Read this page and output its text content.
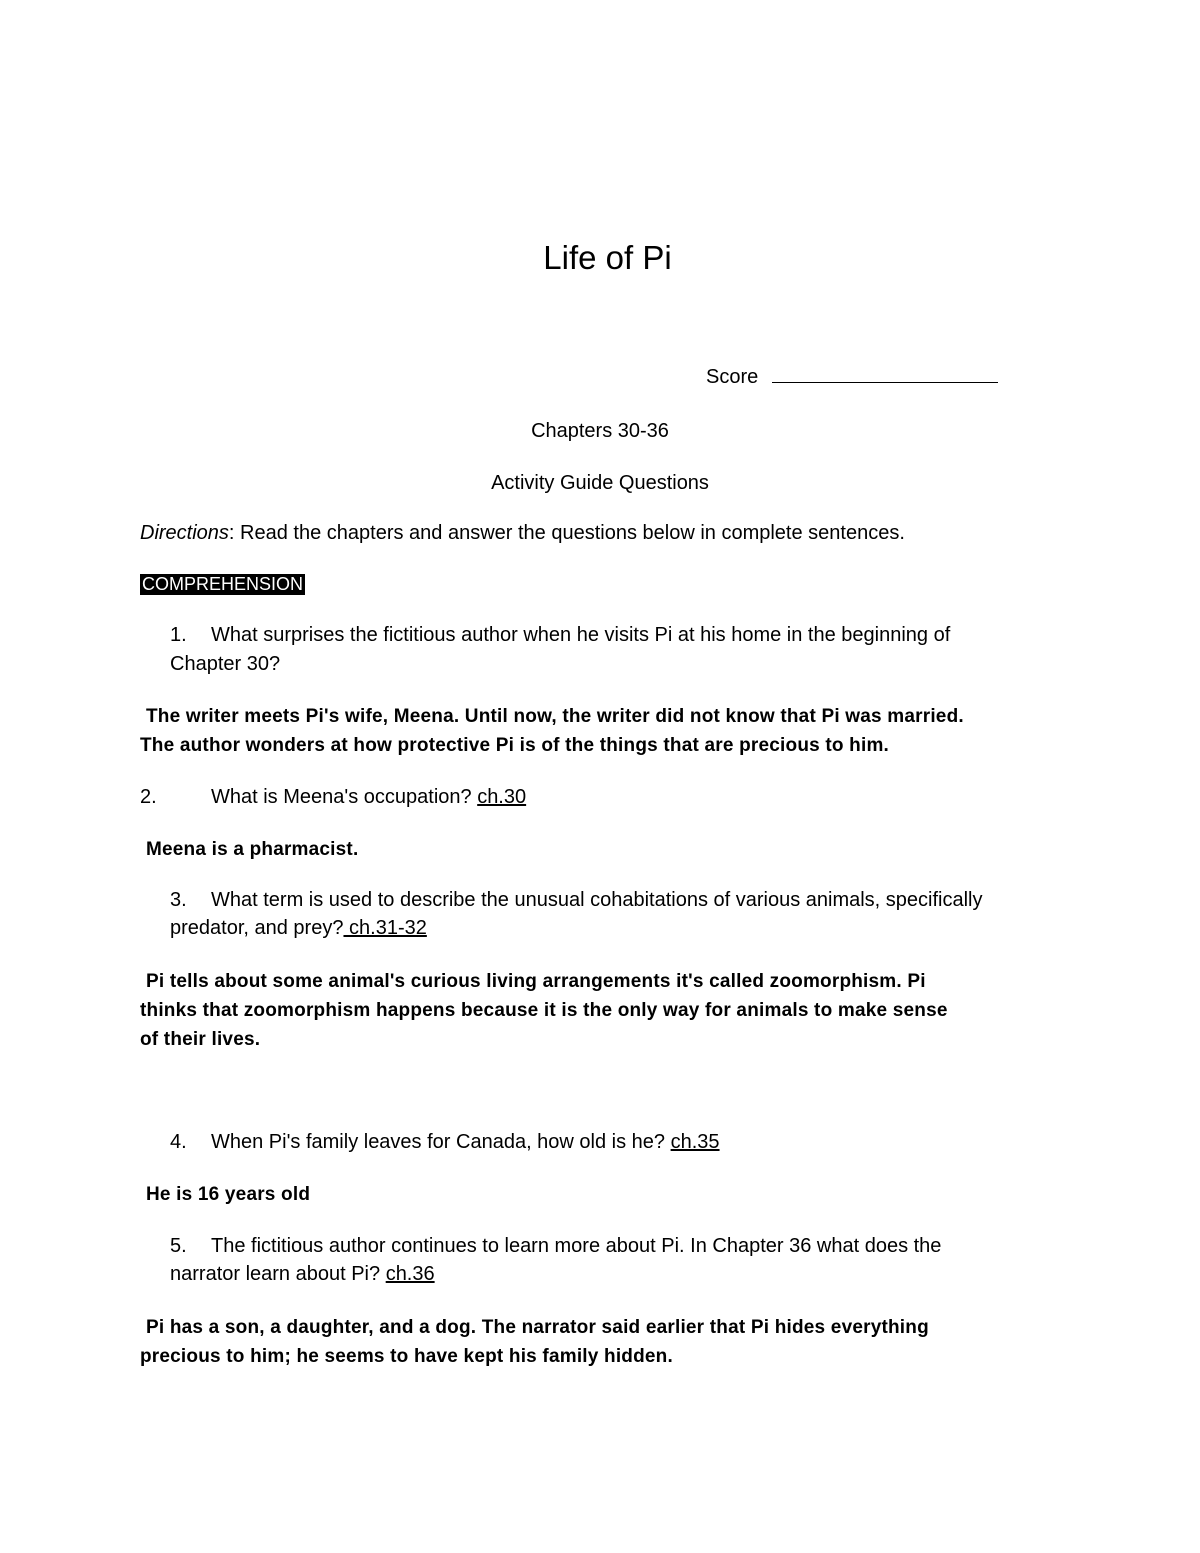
Life of Pi
Score
Chapters 30-36
Activity Guide Questions
Directions: Read the chapters and answer the questions below in complete sentences.
COMPREHENSION
1. What surprises the fictitious author when he visits Pi at his home in the beginning of
Chapter 30?
The writer meets Pi's wife, Meena. Until now, the writer did not know that Pi was married.
The author wonders at how protective Pi is of the things that are precious to him.
2.	What is Meena's occupation? ch.30
Meena is a pharmacist.
3. What term is used to describe the unusual cohabitations of various animals, specifically
predator, and prey? ch.31-32
Pi tells about some animal's curious living arrangements it's called zoomorphism. Pi
thinks that zoomorphism happens because it is the only way for animals to make sense
of their lives.
4. When Pi's family leaves for Canada, how old is he? ch.35
He is 16 years old
5. The fictitious author continues to learn more about Pi. In Chapter 36 what does the
narrator learn about Pi? ch.36
Pi has a son, a daughter, and a dog. The narrator said earlier that Pi hides everything
precious to him; he seems to have kept his family hidden.
